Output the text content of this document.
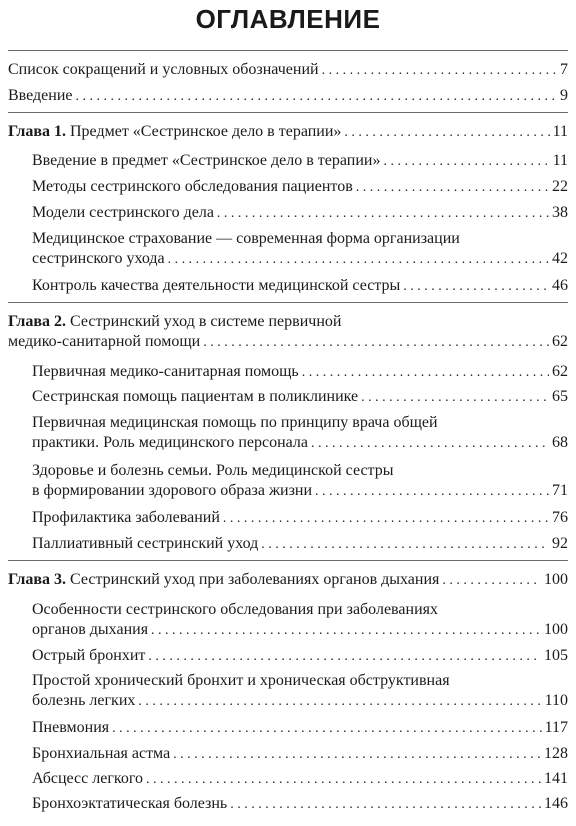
ОГЛАВЛЕНИЕ
Список сокращений и условных обозначений . . .	7
Введение . . .	9
Глава 1. Предмет «Сестринское дело в терапии» . . .	11
Введение в предмет «Сестринское дело в терапии» . . .	11
Методы сестринского обследования пациентов . . .	22
Модели сестринского дела . . .	38
Медицинское страхование — современная форма организации
сестринского ухода . . .	42
Контроль качества деятельности медицинской сестры . . .	46
Глава 2. Сестринский уход в системе первичной
медико-санитарной помощи . . .	62
Первичная медико-санитарная помощь . . .	62
Сестринская помощь пациентам в поликлинике . . .	65
Первичная медицинская помощь по принципу врача общей
практики. Роль медицинского персонала . . .	68
Здоровье и болезнь семьи. Роль медицинской сестры
в формировании здорового образа жизни . . .	71
Профилактика заболеваний . . .	76
Паллиативный сестринский уход . . .	92
Глава 3. Сестринский уход при заболеваниях органов дыхания . . .	100
Особенности сестринского обследования при заболеваниях
органов дыхания . . .	100
Острый бронхит . . .	105
Простой хронический бронхит и хроническая обструктивная
болезнь легких . . .	110
Пневмония . . .	117
Бронхиальная астма . . .	128
Абсцесс легкого . . .	141
Бронхоэктатическая болезнь . . .	146
